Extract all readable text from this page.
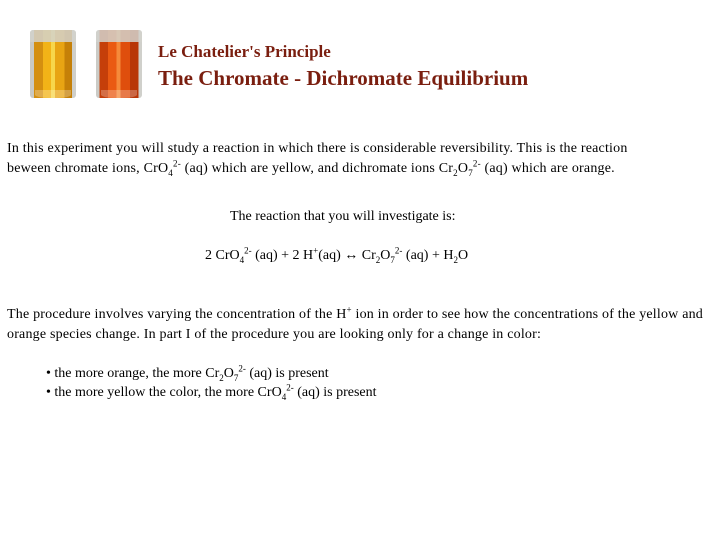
Le Chatelier's Principle
The Chromate - Dichromate Equilibrium
In this experiment you will study a reaction in which there is considerable reversibility. This is the reaction
beween chromate ions, CrO$_4^{2-}$ (aq) which are yellow, and dichromate ions $Cr_2O_7^{2-}$ (aq) which are orange.
The reaction that you will investigate is:
2 CrO$_4^{2-}$ (aq) + 2 H+(aq) ↔ $Cr_2O_7^{2-}$ $(aq) + H_2O$
The procedure involves varying the concentration of the H+ ion in order to see how the concentrations of the yellow and orange species change. In part I of the procedure you are looking only for a change in color:
• the more orange, the more $Cr_2O_7^{2-}$ (aq) is present
• the more yellow the color, the more CrO$_4^{2-}$ (aq) is present
